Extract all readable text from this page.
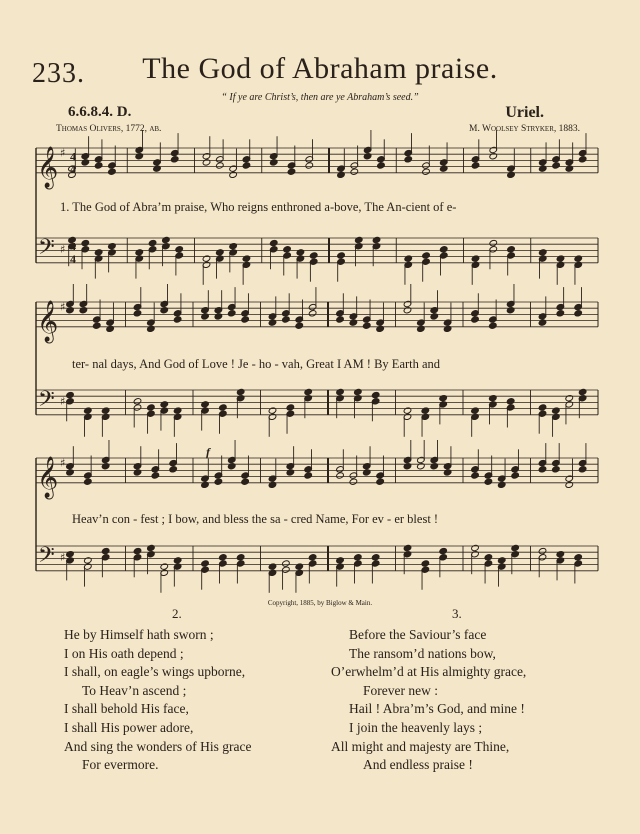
233.	The God of Abraham praise.
“ If ye are Christ’s, then are ye Abraham’s seed.”
6.6.8.4. D.	Uriel.
Thomas Olivers, 1772, ab.	M. Woolsey Stryker, 1883.
𝄞 ♯ 4
4
𝄢 ♯
4
𝄞 ♯
𝄢 ♯
𝄞 ♯
𝄢 ♯
f
1. The God of Abra’m praise, Who reigns enthroned a-bove, The An-cient of e-
ter- nal days, And God of Love ! Je - ho - vah, Great I AM ! By Earth and
Heav’n con - fest ; I bow, and bless the sa - cred Name, For ev - er blest !
Copyright, 1885, by Biglow & Main.
2.	3.
He by Himself hath sworn ;
I on His oath depend ;
I shall, on eagle’s wings upborne,
To Heav’n ascend ;
I shall behold His face,
I shall His power adore,
And sing the wonders of His grace
For evermore.
Before the Saviour’s face
The ransom’d nations bow,
O’erwhelm’d at His almighty grace,
Forever new :
Hail ! Abra’m’s God, and mine !
I join the heavenly lays ;
All might and majesty are Thine,
And endless praise !
